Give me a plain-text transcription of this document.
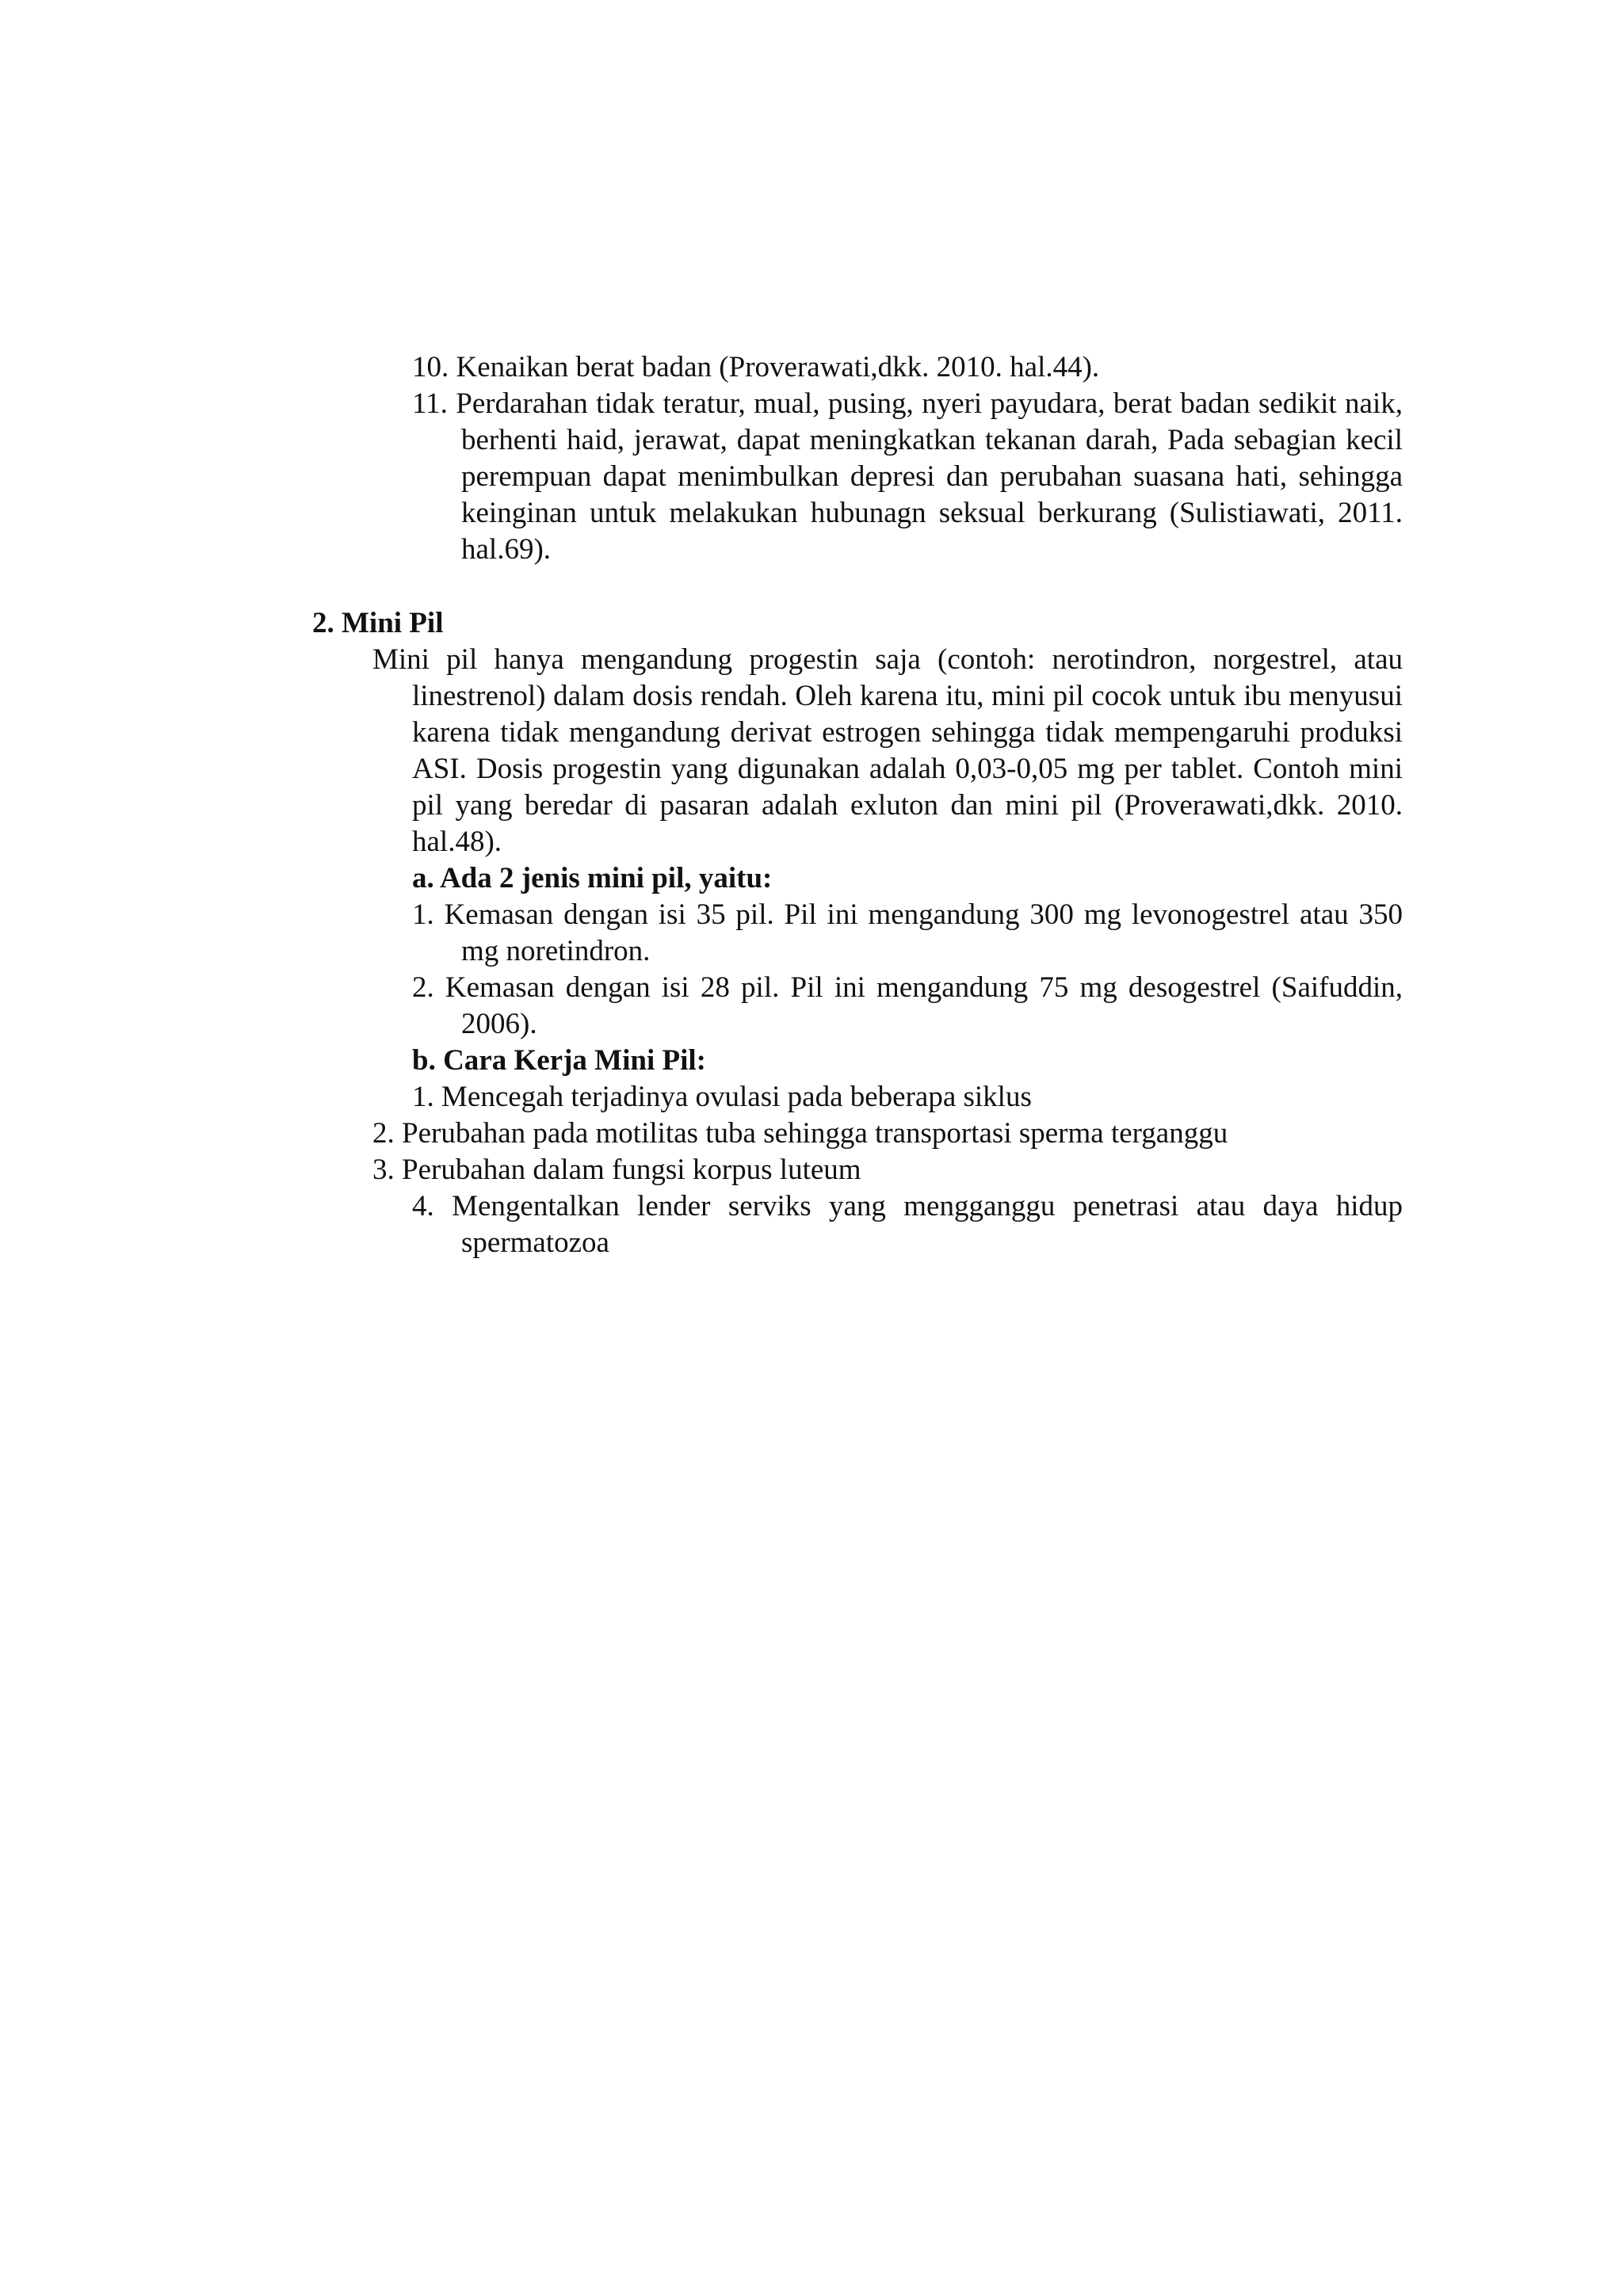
10. Kenaikan berat badan (Proverawati,dkk. 2010. hal.44).

11. Perdarahan tidak teratur, mual, pusing, nyeri payudara, berat badan sedikit naik, berhenti haid, jerawat, dapat meningkatkan tekanan darah, Pada sebagian kecil perempuan dapat menimbulkan depresi dan perubahan suasana hati, sehingga keinginan untuk melakukan hubunagn seksual berkurang (Sulistiawati, 2011. hal.69).

2. Mini Pil

Mini pil hanya mengandung progestin saja (contoh: nerotindron, norgestrel, atau linestrenol) dalam dosis rendah. Oleh karena itu, mini pil cocok untuk ibu menyusui karena tidak mengandung derivat estrogen sehingga tidak mempengaruhi produksi ASI. Dosis progestin yang digunakan adalah 0,03-0,05 mg per tablet. Contoh mini pil yang beredar di pasaran adalah exluton dan mini pil (Proverawati,dkk. 2010. hal.48).

a. Ada 2 jenis mini pil, yaitu:

1. Kemasan dengan isi 35 pil. Pil ini mengandung 300 mg levonogestrel atau 350 mg noretindron.

2. Kemasan dengan isi 28 pil. Pil ini mengandung 75 mg desogestrel (Saifuddin, 2006).

b. Cara Kerja Mini Pil:

1. Mencegah terjadinya ovulasi pada beberapa siklus

2. Perubahan pada motilitas tuba sehingga transportasi sperma terganggu

3. Perubahan dalam fungsi korpus luteum

4. Mengentalkan lender serviks yang mengganggu penetrasi atau daya hidup spermatozoa
